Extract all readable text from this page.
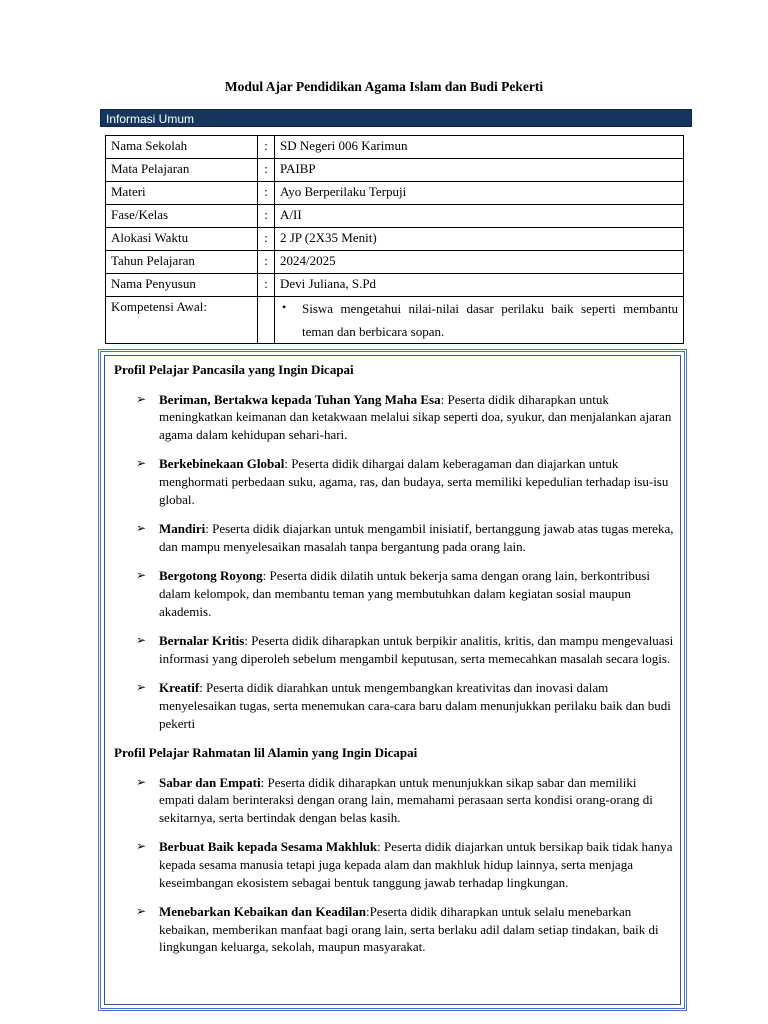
Modul Ajar Pendidikan Agama Islam dan Budi Pekerti
Informasi Umum
Nama Sekolah	:	SD Negeri 006 Karimun
Mata Pelajaran	:	PAIBP
Materi	:	Ayo Berperilaku Terpuji
Fase/Kelas	:	A/II
Alokasi Waktu	:	2 JP (2X35 Menit)
Tahun Pelajaran	:	2024/2025
Nama Penyusun	:	Devi Juliana, S.Pd
Kompetensi Awal:		• Siswa mengetahui nilai-nilai dasar perilaku baik seperti membantu teman dan berbicara sopan.
Profil Pelajar Pancasila yang Ingin Dicapai
➢ Beriman, Bertakwa kepada Tuhan Yang Maha Esa: Peserta didik diharapkan untuk meningkatkan keimanan dan ketakwaan melalui sikap seperti doa, syukur, dan menjalankan ajaran agama dalam kehidupan sehari-hari.
➢ Berkebinekaan Global: Peserta didik dihargai dalam keberagaman dan diajarkan untuk menghormati perbedaan suku, agama, ras, dan budaya, serta memiliki kepedulian terhadap isu-isu global.
➢ Mandiri: Peserta didik diajarkan untuk mengambil inisiatif, bertanggung jawab atas tugas mereka, dan mampu menyelesaikan masalah tanpa bergantung pada orang lain.
➢ Bergotong Royong: Peserta didik dilatih untuk bekerja sama dengan orang lain, berkontribusi dalam kelompok, dan membantu teman yang membutuhkan dalam kegiatan sosial maupun akademis.
➢ Bernalar Kritis: Peserta didik diharapkan untuk berpikir analitis, kritis, dan mampu mengevaluasi informasi yang diperoleh sebelum mengambil keputusan, serta memecahkan masalah secara logis.
➢ Kreatif: Peserta didik diarahkan untuk mengembangkan kreativitas dan inovasi dalam menyelesaikan tugas, serta menemukan cara-cara baru dalam menunjukkan perilaku baik dan budi pekerti
Profil Pelajar Rahmatan lil Alamin yang Ingin Dicapai
➢ Sabar dan Empati: Peserta didik diharapkan untuk menunjukkan sikap sabar dan memiliki empati dalam berinteraksi dengan orang lain, memahami perasaan serta kondisi orang-orang di sekitarnya, serta bertindak dengan belas kasih.
➢ Berbuat Baik kepada Sesama Makhluk: Peserta didik diajarkan untuk bersikap baik tidak hanya kepada sesama manusia tetapi juga kepada alam dan makhluk hidup lainnya, serta menjaga keseimbangan ekosistem sebagai bentuk tanggung jawab terhadap lingkungan.
➢ Menebarkan Kebaikan dan Keadilan:Peserta didik diharapkan untuk selalu menebarkan kebaikan, memberikan manfaat bagi orang lain, serta berlaku adil dalam setiap tindakan, baik di lingkungan keluarga, sekolah, maupun masyarakat.
